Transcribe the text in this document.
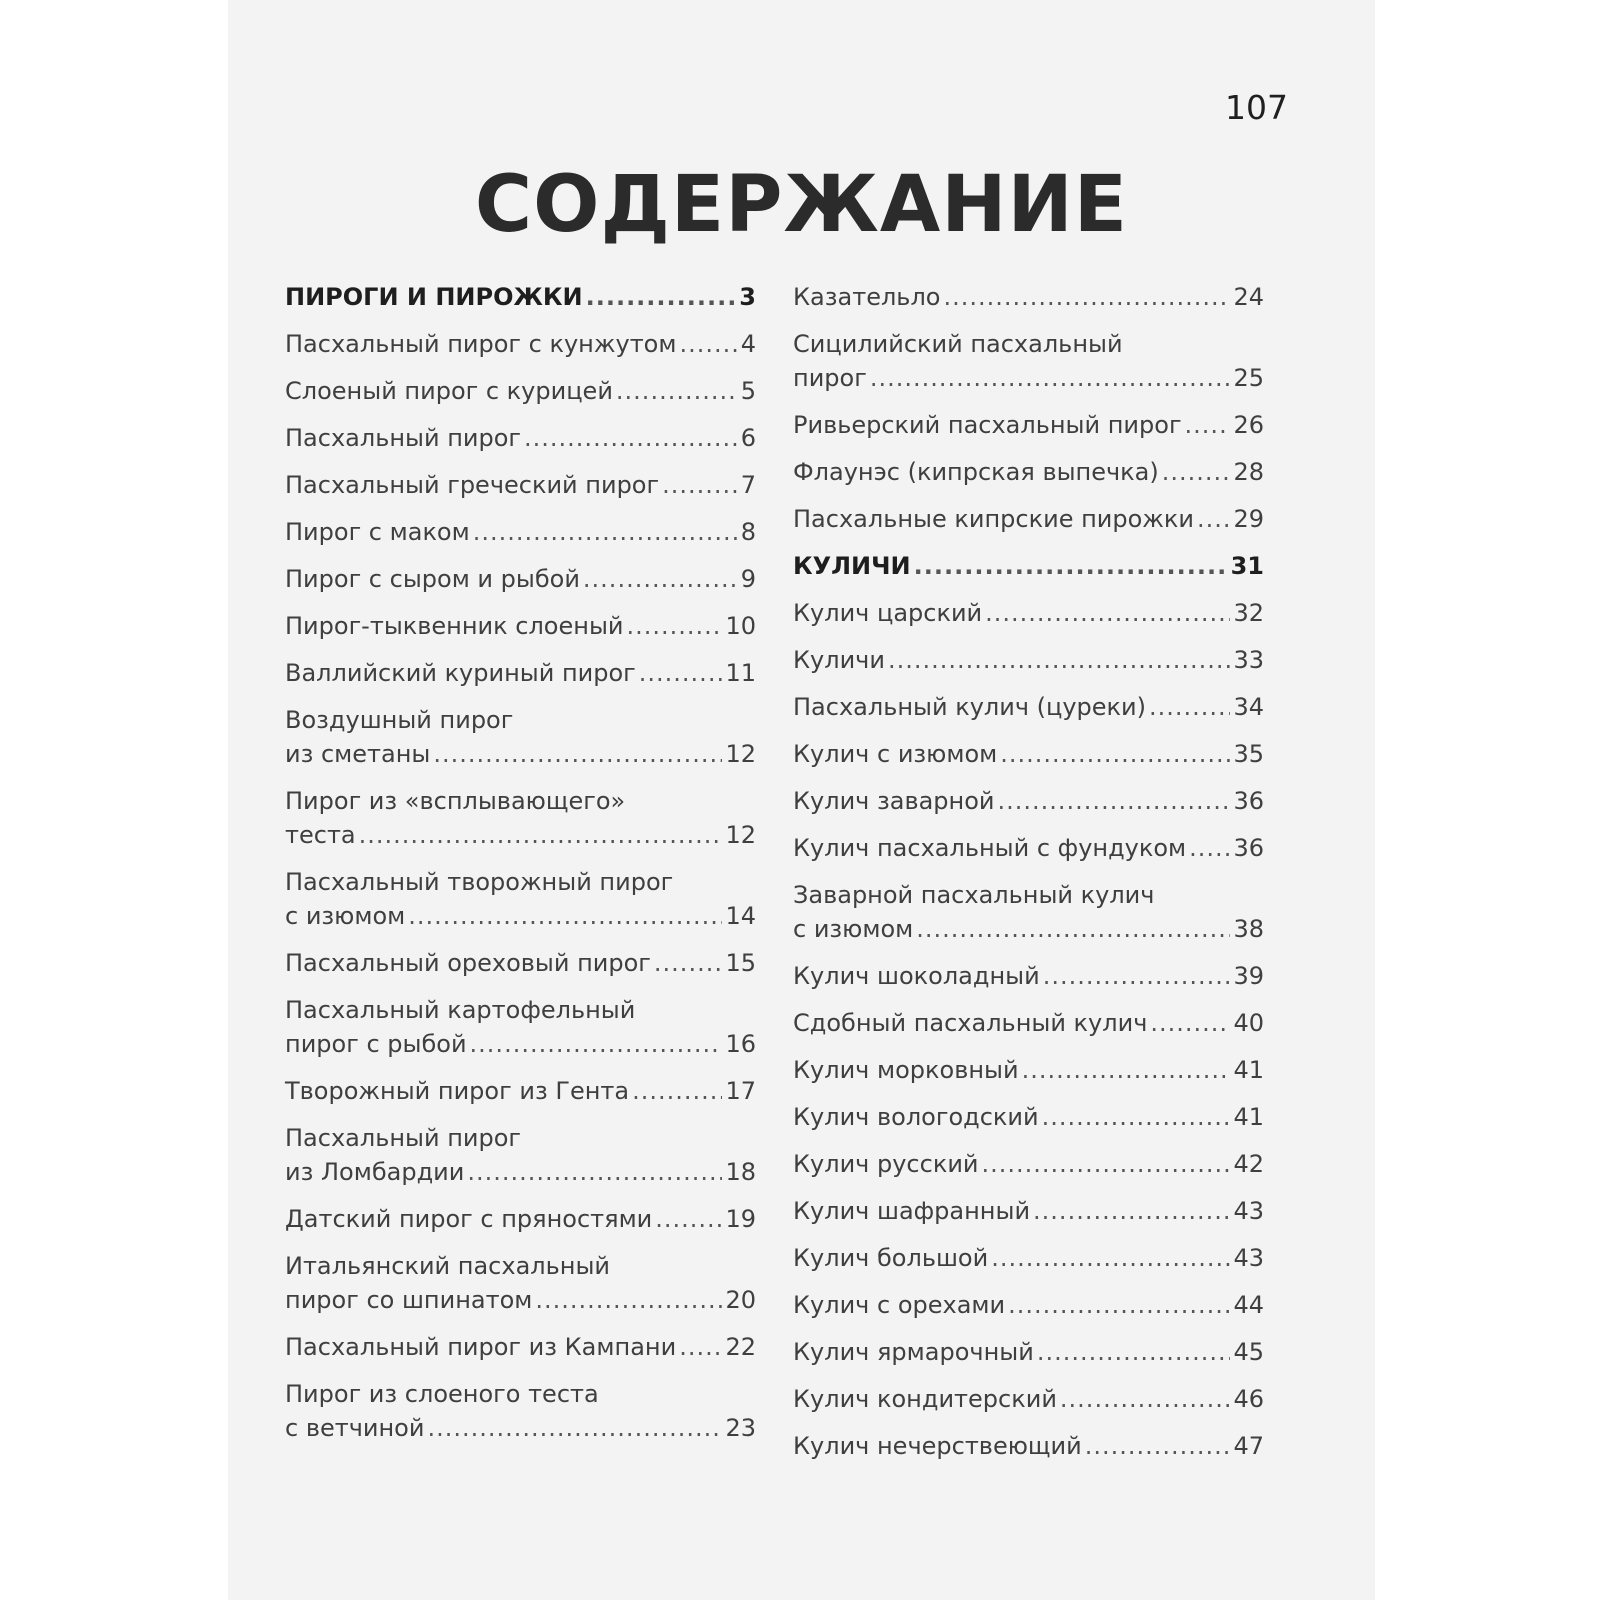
107
СОДЕРЖАНИЕ
ПИРОГИ И ПИРОЖКИ .....	3
Пасхальный пирог с кунжутом .....	4
Слоеный пирог с курицей .....	5
Пасхальный пирог .....	6
Пасхальный греческий пирог .....	7
Пирог с маком .....	8
Пирог с сыром и рыбой .....	9
Пирог-тыквенник слоеный .....	10
Валлийский куриный пирог .....	11
Воздушный пирог
из сметаны .....	12
Пирог из «всплывающего»
теста .....	12
Пасхальный творожный пирог
с изюмом .....	14
Пасхальный ореховый пирог .....	15
Пасхальный картофельный
пирог с рыбой .....	16
Творожный пирог из Гента .....	17
Пасхальный пирог
из Ломбардии .....	18
Датский пирог с пряностями .....	19
Итальянский пасхальный
пирог со шпинатом .....	20
Пасхальный пирог из Кампани ..... 22
Пирог из слоеного теста
с ветчиной .....	23
Казательло .....	24
Сицилийский пасхальный
пирог .....	25
Ривьерский пасхальный пирог ..... 26
Флаунэс (кипрская выпечка) .....	28
Пасхальные кипрские пирожки ..... 29
КУЛИЧИ .....	31
Кулич царский .....	32
Куличи .....	33
Пасхальный кулич (цуреки) .....	34
Кулич с изюмом .....	35
Кулич заварной .....	36
Кулич пасхальный с фундуком ..... 36
Заварной пасхальный кулич
с изюмом .....	38
Кулич шоколадный .....	39
Сдобный пасхальный кулич .....	40
Кулич морковный .....	41
Кулич вологодский .....	41
Кулич русский .....	42
Кулич шафранный .....	43
Кулич большой .....	43
Кулич с орехами .....	44
Кулич ярмарочный .....	45
Кулич кондитерский .....	46
Кулич нечерствеющий .....	47
